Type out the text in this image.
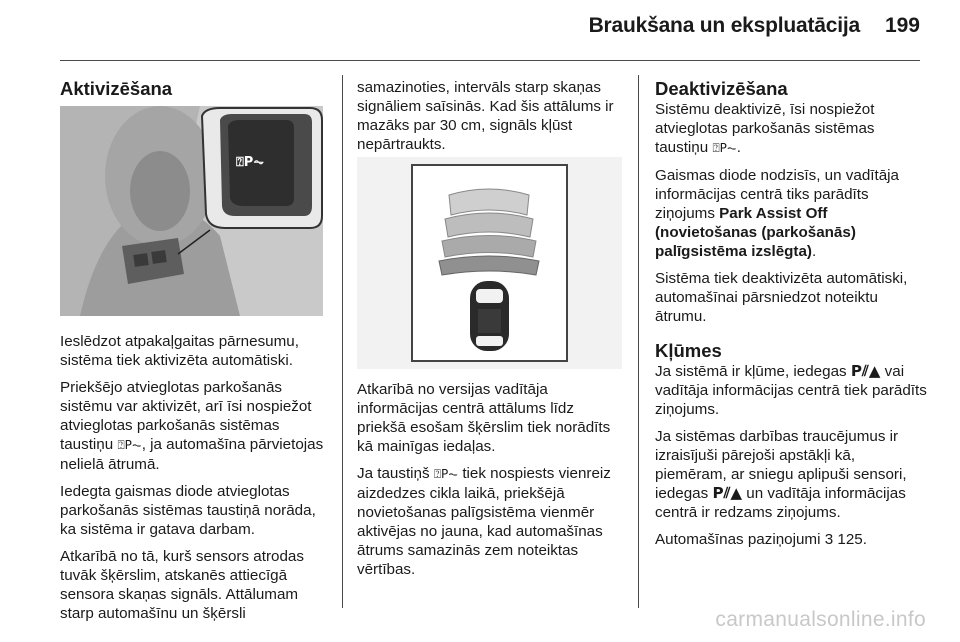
Braukšana un ekspluatācija 199
Aktivizēšana
⍰P⏦

Ieslēdzot atpakaļgaitas pārnesumu, sistēma tiek aktivizēta automātiski.

Priekšējo atvieglotas parkošanās sistēmu var aktivizēt, arī īsi nospiežot atvieglotas parkošanās sistēmas taustiņu ⍰P⏦, ja automašīna pārvietojas nelielā ātrumā.

Iedegta gaismas diode atvieglotas parkošanās sistēmas taustiņā norāda, ka sistēma ir gatava darbam.

Atkarībā no tā, kurš sensors atrodas tuvāk šķērslim, atskanēs attiecīgā sensora skaņas signāls. Attālumam starp automašīnu un šķērsli

samazinoties, intervāls starp skaņas signāliem saīsinās. Kad šis attālums ir mazāks par 30 cm, signāls kļūst nepārtraukts.

Atkarībā no versijas vadītāja informācijas centrā attālums līdz priekšā esošam šķērslim tiek norādīts kā mainīgas iedaļas.

Ja taustiņš ⍰P⏦ tiek nospiests vienreiz aizdedzes cikla laikā, priekšējā novietošanas palīgsistēma vienmēr aktivējas no jauna, kad automašīnas ātrums samazinās zem noteiktas vērtības.

Deaktivizēšana

Sistēmu deaktivizē, īsi nospiežot atvieglotas parkošanās sistēmas taustiņu ⍰P⏦.

Gaismas diode nodzisīs, un vadītāja informācijas centrā tiks parādīts ziņojums Park Assist Off (novietošanas (parkošanās) palīgsistēma izslēgta).

Sistēma tiek deaktivizēta automātiski, automašīnai pārsniedzot noteiktu ātrumu.

Kļūmes

Ja sistēmā ir kļūme, iedegas P⫽▲ vai vadītāja informācijas centrā tiek parādīts ziņojums.

Ja sistēmas darbības traucējumus ir izraisījuši pārejoši apstākļi kā, piemēram, ar sniegu aplipuši sensori, iedegas P⫽▲ un vadītāja informācijas centrā ir redzams ziņojums.

Automašīnas paziņojumi 3 125.

carmanualsonline.info
